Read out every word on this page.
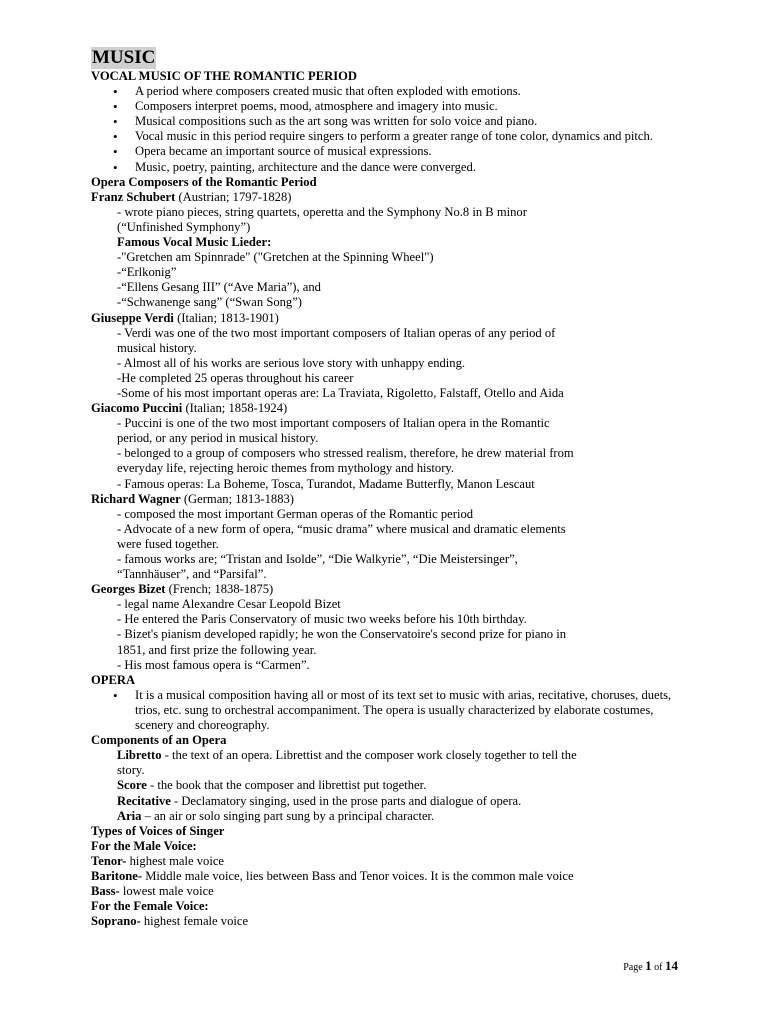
MUSIC

VOCAL MUSIC OF THE ROMANTIC PERIOD

• A period where composers created music that often exploded with emotions.
• Composers interpret poems, mood, atmosphere and imagery into music.
• Musical compositions such as the art song was written for solo voice and piano.
• Vocal music in this period require singers to perform a greater range of tone color, dynamics and pitch.
• Opera became an important source of musical expressions.
• Music, poetry, painting, architecture and the dance were converged.

Opera Composers of the Romantic Period

Franz Schubert (Austrian; 1797-1828)

- wrote piano pieces, string quartets, operetta and the Symphony No.8 in B minor

(“Unfinished Symphony”)

Famous Vocal Music Lieder:

-"Gretchen am Spinnrade" ("Gretchen at the Spinning Wheel")

-“Erlkonig”

-“Ellens Gesang III” (“Ave Maria”), and

-“Schwanenge sang” (“Swan Song”)

Giuseppe Verdi (Italian; 1813-1901)

- Verdi was one of the two most important composers of Italian operas of any period of

musical history.

- Almost all of his works are serious love story with unhappy ending.

-He completed 25 operas throughout his career

-Some of his most important operas are: La Traviata, Rigoletto, Falstaff, Otello and Aida

Giacomo Puccini (Italian; 1858-1924)

- Puccini is one of the two most important composers of Italian opera in the Romantic

period, or any period in musical history.

- belonged to a group of composers who stressed realism, therefore, he drew material from

everyday life, rejecting heroic themes from mythology and history.

- Famous operas: La Boheme, Tosca, Turandot, Madame Butterfly, Manon Lescaut

Richard Wagner (German; 1813-1883)

- composed the most important German operas of the Romantic period

- Advocate of a new form of opera, “music drama” where musical and dramatic elements

were fused together.

- famous works are; “Tristan and Isolde”, “Die Walkyrie”, “Die Meistersinger”,

“Tannhäuser”, and “Parsifal”.

Georges Bizet (French; 1838-1875)

- legal name Alexandre Cesar Leopold Bizet

- He entered the Paris Conservatory of music two weeks before his 10th birthday.

- Bizet's pianism developed rapidly; he won the Conservatoire's second prize for piano in

1851, and first prize the following year.

- His most famous opera is “Carmen”.

OPERA

• It is a musical composition having all or most of its text set to music with arias, recitative, choruses, duets, trios, etc. sung to orchestral accompaniment. The opera is usually characterized by elaborate costumes, scenery and choreography.

Components of an Opera

Libretto - the text of an opera. Librettist and the composer work closely together to tell the

story.

Score - the book that the composer and librettist put together.

Recitative - Declamatory singing, used in the prose parts and dialogue of opera.

Aria – an air or solo singing part sung by a principal character.

Types of Voices of Singer

For the Male Voice:

Tenor- highest male voice

Baritone- Middle male voice, lies between Bass and Tenor voices. It is the common male voice

Bass- lowest male voice

For the Female Voice:

Soprano- highest female voice

Page 1 of 14
